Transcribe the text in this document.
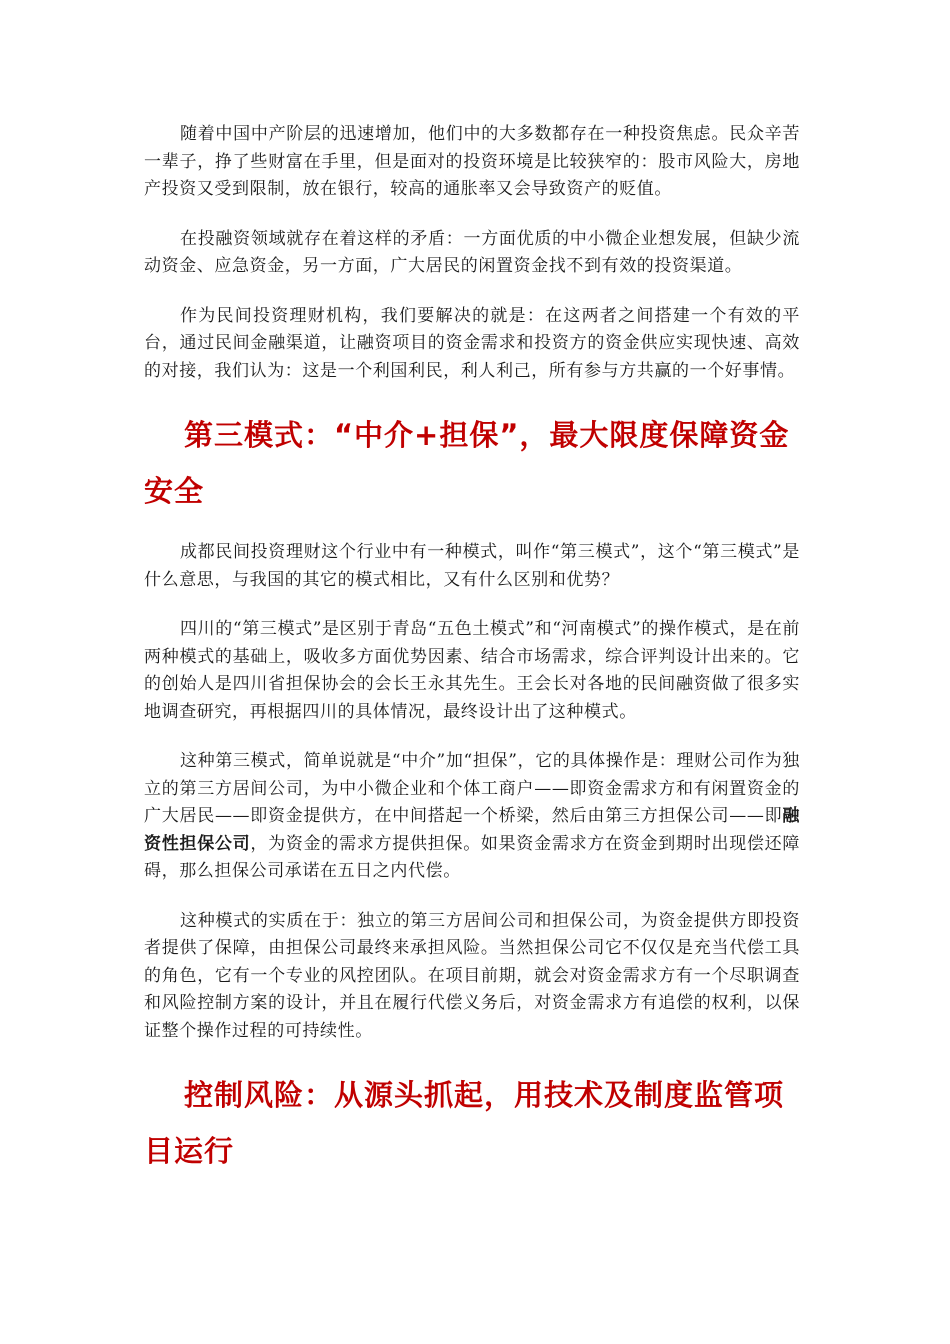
随着中国中产阶层的迅速增加，他们中的大多数都存在一种投资焦虑。民众辛苦一辈子，挣了些财富在手里，但是面对的投资环境是比较狭窄的：股市风险大，房地产投资又受到限制，放在银行，较高的通胀率又会导致资产的贬值。

在投融资领域就存在着这样的矛盾：一方面优质的中小微企业想发展，但缺少流动资金、应急资金，另一方面，广大居民的闲置资金找不到有效的投资渠道。

作为民间投资理财机构，我们要解决的就是：在这两者之间搭建一个有效的平台，通过民间金融渠道，让融资项目的资金需求和投资方的资金供应实现快速、高效的对接，我们认为：这是一个利国利民，利人利己，所有参与方共赢的一个好事情。

第三模式：“中介+担保”，最大限度保障资金安全

成都民间投资理财这个行业中有一种模式，叫作“第三模式”，这个“第三模式”是什么意思，与我国的其它的模式相比，又有什么区别和优势？

四川的“第三模式”是区别于青岛“五色土模式”和“河南模式”的操作模式，是在前两种模式的基础上，吸收多方面优势因素、结合市场需求，综合评判设计出来的。它的创始人是四川省担保协会的会长王永其先生。王会长对各地的民间融资做了很多实地调查研究，再根据四川的具体情况，最终设计出了这种模式。

这种第三模式，简单说就是“中介”加“担保”，它的具体操作是：理财公司作为独立的第三方居间公司，为中小微企业和个体工商户——即资金需求方和有闲置资金的广大居民——即资金提供方，在中间搭起一个桥梁，然后由第三方担保公司——即融资性担保公司，为资金的需求方提供担保。如果资金需求方在资金到期时出现偿还障碍，那么担保公司承诺在五日之内代偿。

这种模式的实质在于：独立的第三方居间公司和担保公司，为资金提供方即投资者提供了保障，由担保公司最终来承担风险。当然担保公司它不仅仅是充当代偿工具的角色，它有一个专业的风控团队。在项目前期，就会对资金需求方有一个尽职调查和风险控制方案的设计，并且在履行代偿义务后，对资金需求方有追偿的权利，以保证整个操作过程的可持续性。

控制风险：从源头抓起，用技术及制度监管项目运行
